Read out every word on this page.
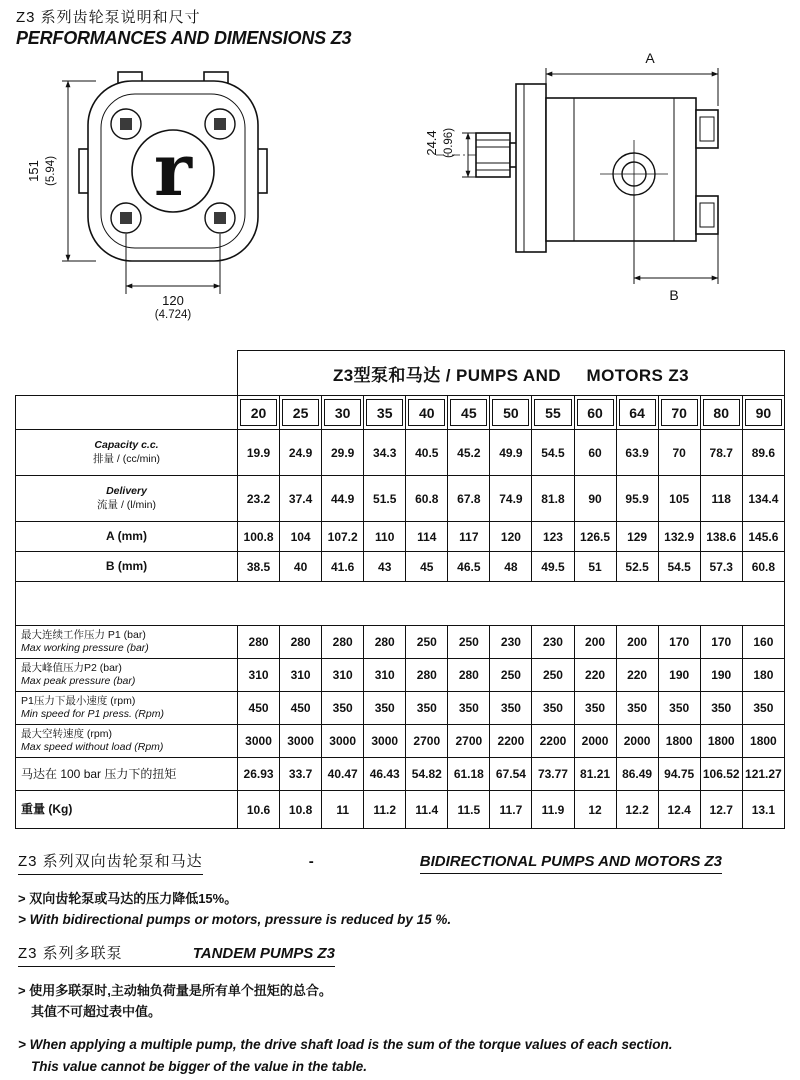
Z3 系列齿轮泵说明和尺寸
PERFORMANCES AND DIMENSIONS Z3
r
151 (5.94)
120
(4.724)
A
B
24.4 (0.96)
	Z3型泵和马达 / PUMPS AND     MOTORS Z3												

	20	25	30	35	40	45	50	55	60	64	70	80	90

Capacity c.c.
排量 / (cc/min)	19.9	24.9	29.9	34.3	40.5	45.2	49.9	54.5	60	63.9	70	78.7	89.6

Delivery
流量 / (l/min)	23.2	37.4	44.9	51.5	60.8	67.8	74.9	81.8	90	95.9	105	118	134.4

A (mm)	100.8	104	107.2	110	114	117	120	123	126.5	129	132.9	138.6	145.6

B (mm)	38.5	40	41.6	43	45	46.5	48	49.5	51	52.5	54.5	57.3	60.8

最大连续工作压力 P1 (bar)
Max working pressure (bar)	280	280	280	280	250	250	230	230	200	200	170	170	160

最大峰值压力P2 (bar)
Max peak pressure (bar)	310	310	310	310	280	280	250	250	220	220	190	190	180

P1压力下最小速度 (rpm)
Min speed for P1 press. (Rpm)	450	450	350	350	350	350	350	350	350	350	350	350	350

最大空转速度 (rpm)
Max speed without load (Rpm)	3000	3000	3000	3000	2700	2700	2200	2200	2000	2000	1800	1800	1800

马达在 100 bar 压力下的扭矩	26.93	33.7	40.47	46.43	54.82	61.18	67.54	73.77	81.21	86.49	94.75	106.52	121.27

重量 (Kg)	10.6	10.8	11	11.2	11.4	11.5	11.7	11.9	12	12.2	12.4	12.7	13.1
Z3 系列双向齿轮泵和马达	-	BIDIRECTIONAL PUMPS AND MOTORS Z3
> 双向齿轮泵或马达的压力降低15%。
> With bidirectional pumps or motors, pressure is reduced by 15 %.
Z3 系列多联泵	TANDEM PUMPS Z3
> 使用多联泵时,主动轴负荷量是所有单个扭矩的总合。
其值不可超过表中值。
> When applying a multiple pump, the drive shaft load is the sum of the torque values of each section.
This value cannot be bigger of the value in the table.
